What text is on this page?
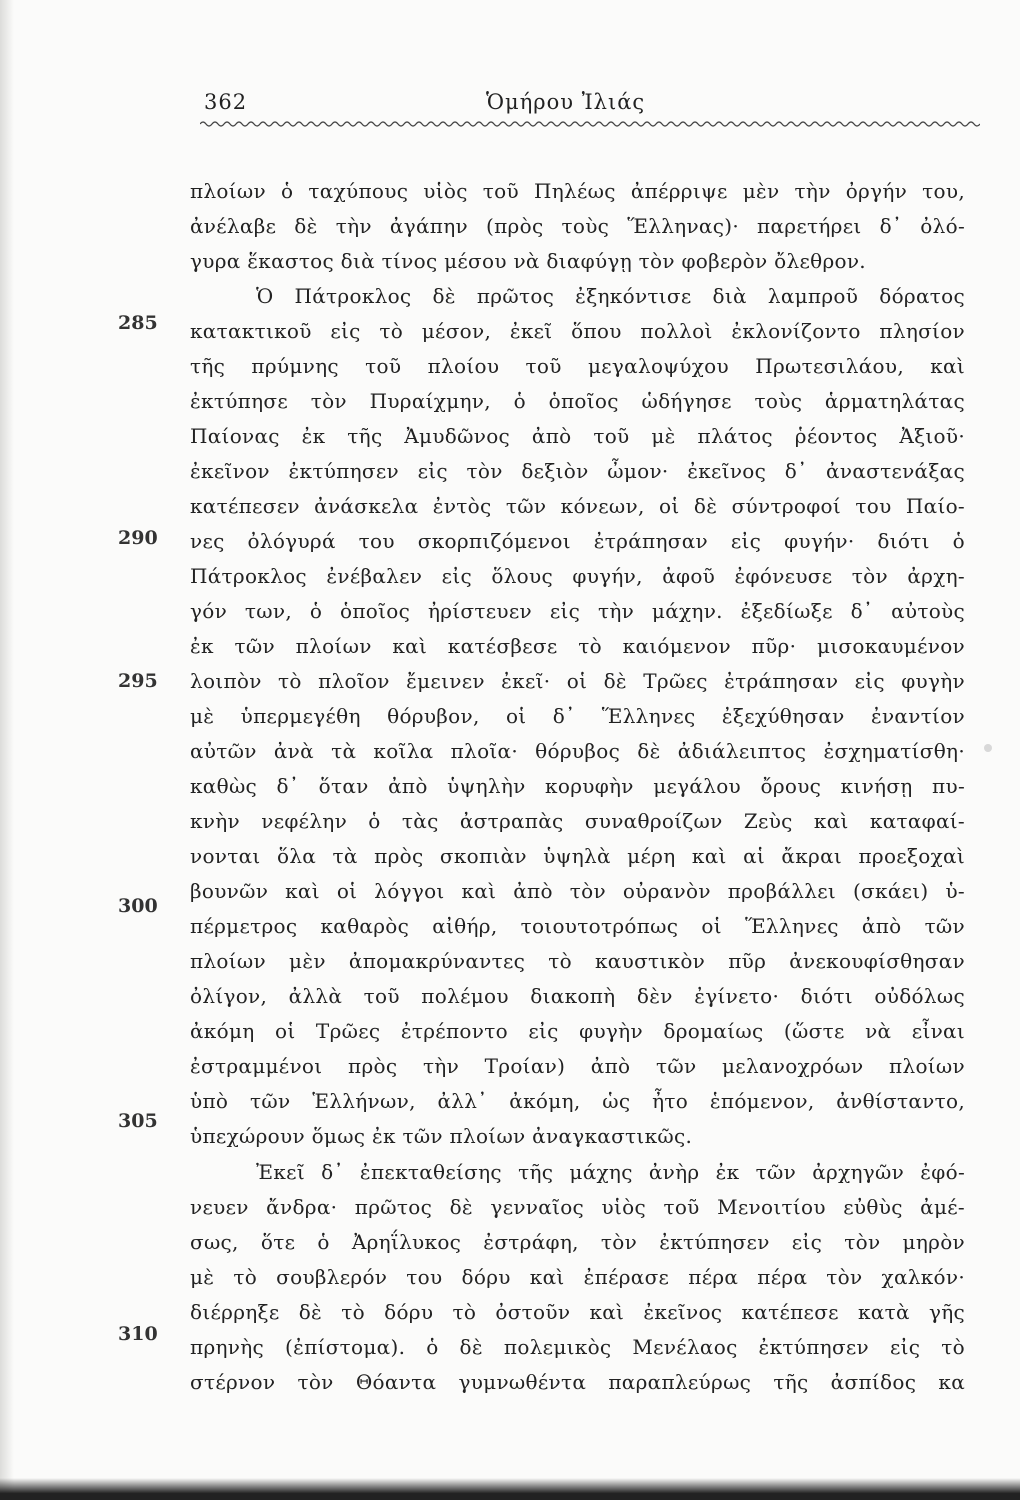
362	Ὁμήρου Ἰλιάς
πλοίων ὁ ταχύπους υἱὸς τοῦ Πηλέως ἀπέρριψε μὲν τὴν ὀργήν του,
ἀνέλαβε δὲ τὴν ἀγάπην (πρὸς τοὺς Ἕλληνας)· παρετήρει δ᾽ ὀλό-
γυρα ἕκαστος διὰ τίνος μέσου νὰ διαφύγῃ τὸν φοβερὸν ὄλεθρον.
Ὁ Πάτροκλος δὲ πρῶτος ἐξηκόντισε διὰ λαμπροῦ δόρατος
κατακτικοῦ εἰς τὸ μέσον, ἐκεῖ ὅπου πολλοὶ ἐκλονίζοντο πλησίον
τῆς πρύμνης τοῦ πλοίου τοῦ μεγαλοψύχου Πρωτεσιλάου, καὶ
ἐκτύπησε τὸν Πυραίχμην, ὁ ὁποῖος ὡδήγησε τοὺς ἁρματηλάτας
Παίονας ἐκ τῆς Ἀμυδῶνος ἀπὸ τοῦ μὲ πλάτος ῥέοντος Ἀξιοῦ·
ἐκεῖνον ἐκτύπησεν εἰς τὸν δεξιὸν ὦμον· ἐκεῖνος δ᾽ ἀναστενάξας
κατέπεσεν ἀνάσκελα ἐντὸς τῶν κόνεων, οἱ δὲ σύντροφοί του Παίο-
νες ὀλόγυρά του σκορπιζόμενοι ἐτράπησαν εἰς φυγήν· διότι ὁ
Πάτροκλος ἐνέβαλεν εἰς ὅλους φυγήν, ἀφοῦ ἐφόνευσε τὸν ἀρχη-
γόν των, ὁ ὁποῖος ἠρίστευεν εἰς τὴν μάχην. ἐξεδίωξε δ᾽ αὐτοὺς
ἐκ τῶν πλοίων καὶ κατέσβεσε τὸ καιόμενον πῦρ· μισοκαυμένον
λοιπὸν τὸ πλοῖον ἔμεινεν ἐκεῖ· οἱ δὲ Τρῶες ἐτράπησαν εἰς φυγὴν
μὲ ὑπερμεγέθη θόρυβον, οἱ δ᾽ Ἕλληνες ἐξεχύθησαν ἐναντίον
αὐτῶν ἀνὰ τὰ κοῖλα πλοῖα· θόρυβος δὲ ἀδιάλειπτος ἐσχηματίσθη·
καθὼς δ᾽ ὅταν ἀπὸ ὑψηλὴν κορυφὴν μεγάλου ὄρους κινήσῃ πυ-
κνὴν νεφέλην ὁ τὰς ἀστραπὰς συναθροίζων Ζεὺς καὶ καταφαί-
νονται ὅλα τὰ πρὸς σκοπιὰν ὑψηλὰ μέρη καὶ αἱ ἄκραι προεξοχαὶ
βουνῶν καὶ οἱ λόγγοι καὶ ἀπὸ τὸν οὐρανὸν προβάλλει (σκάει) ὑ-
πέρμετρος καθαρὸς αἰθήρ, τοιουτοτρόπως οἱ Ἕλληνες ἀπὸ τῶν
πλοίων μὲν ἀπομακρύναντες τὸ καυστικὸν πῦρ ἀνεκουφίσθησαν
ὀλίγον, ἀλλὰ τοῦ πολέμου διακοπὴ δὲν ἐγίνετο· διότι οὐδόλως
ἀκόμη οἱ Τρῶες ἐτρέποντο εἰς φυγὴν δρομαίως (ὥστε νὰ εἶναι
ἐστραμμένοι πρὸς τὴν Τροίαν) ἀπὸ τῶν μελανοχρόων πλοίων
ὑπὸ τῶν Ἑλλήνων, ἀλλ᾽ ἀκόμη, ὡς ἦτο ἑπόμενον, ἀνθίσταντο,
ὑπεχώρουν ὅμως ἐκ τῶν πλοίων ἀναγκαστικῶς.
Ἐκεῖ δ᾽ ἐπεκταθείσης τῆς μάχης ἀνὴρ ἐκ τῶν ἀρχηγῶν ἐφό-
νευεν ἄνδρα· πρῶτος δὲ γενναῖος υἱὸς τοῦ Μενοιτίου εὐθὺς ἀμέ-
σως, ὅτε ὁ Ἀρηΐλυκος ἐστράφη, τὸν ἐκτύπησεν εἰς τὸν μηρὸν
μὲ τὸ σουβλερόν του δόρυ καὶ ἐπέρασε πέρα πέρα τὸν χαλκόν·
διέρρηξε δὲ τὸ δόρυ τὸ ὀστοῦν καὶ ἐκεῖνος κατέπεσε κατὰ γῆς
πρηνὴς (ἐπίστομα). ὁ δὲ πολεμικὸς Μενέλαος ἐκτύπησεν εἰς τὸ
στέρνον τὸν Θόαντα γυμνωθέντα παραπλεύρως τῆς ἀσπίδος κα
285
290
295
300
305
310
